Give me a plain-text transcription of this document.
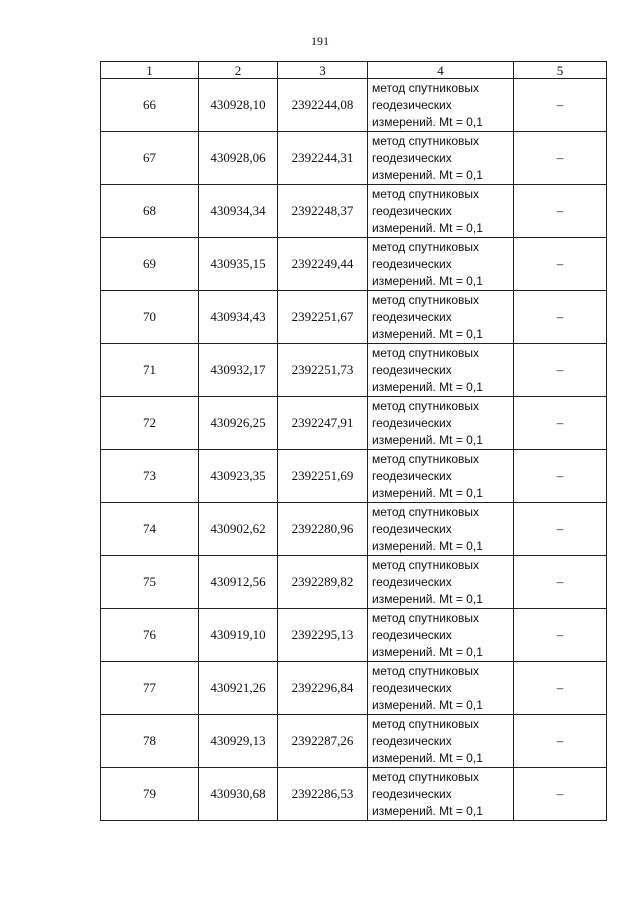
191
1	2	3	4	5
66	430928,10	2392244,08	метод спутниковых
геодезических
измерений. Mt = 0,1	–
67	430928,06	2392244,31	метод спутниковых
геодезических
измерений. Mt = 0,1	–
68	430934,34	2392248,37	метод спутниковых
геодезических
измерений. Mt = 0,1	–
69	430935,15	2392249,44	метод спутниковых
геодезических
измерений. Mt = 0,1	–
70	430934,43	2392251,67	метод спутниковых
геодезических
измерений. Mt = 0,1	–
71	430932,17	2392251,73	метод спутниковых
геодезических
измерений. Mt = 0,1	–
72	430926,25	2392247,91	метод спутниковых
геодезических
измерений. Mt = 0,1	–
73	430923,35	2392251,69	метод спутниковых
геодезических
измерений. Mt = 0,1	–
74	430902,62	2392280,96	метод спутниковых
геодезических
измерений. Mt = 0,1	–
75	430912,56	2392289,82	метод спутниковых
геодезических
измерений. Mt = 0,1	–
76	430919,10	2392295,13	метод спутниковых
геодезических
измерений. Mt = 0,1	–
77	430921,26	2392296,84	метод спутниковых
геодезических
измерений. Mt = 0,1	–
78	430929,13	2392287,26	метод спутниковых
геодезических
измерений. Mt = 0,1	–
79	430930,68	2392286,53	метод спутниковых
геодезических
измерений. Mt = 0,1	–
